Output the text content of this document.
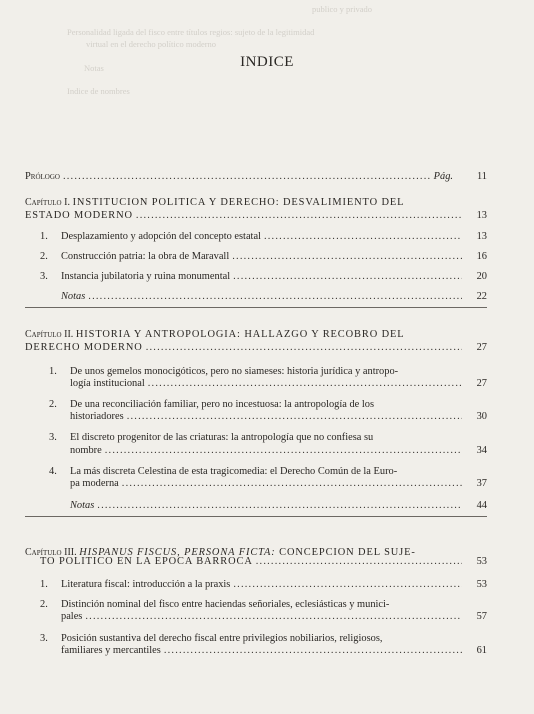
publico y privado
Personalidad ligada del fisco entre títulos regios: sujeto de la legitimidad
virtual en el derecho político moderno
Notas
Indice de nombres
INDICE
Prólogo .....	Pág.	11
Capítulo I. INSTITUCION POLITICA Y DERECHO: DESVALIMIENTO DEL
ESTADO MODERNO .....	13
1. Desplazamiento y adopción del concepto estatal .....	13
2. Construcción patria: la obra de Maravall .....	16
3. Instancia jubilatoria y ruina monumental .....	20
Notas .....	22
Capítulo II. HISTORIA Y ANTROPOLOGIA: HALLAZGO Y RECOBRO DEL
DERECHO MODERNO .....	27
1. De unos gemelos monocigóticos, pero no siameses: historia jurídica y antropo-
logía institucional .....	27
2. De una reconciliación familiar, pero no incestuosa: la antropología de los
historiadores .....	30
3. El discreto progenitor de las criaturas: la antropología que no confiesa su
nombre .....	34
4. La más discreta Celestina de esta tragicomedia: el Derecho Común de la Euro-
pa moderna .....	37
Notas .....	44
Capítulo III. HISPANUS FISCUS, PERSONA FICTA: CONCEPCION DEL SUJE-
TO POLITICO EN LA EPOCA BARROCA .....	53
1. Literatura fiscal: introducción a la praxis .....	53
2. Distinción nominal del fisco entre haciendas señoriales, eclesiásticas y munici-
pales .....	57
3. Posición sustantiva del derecho fiscal entre privilegios nobiliarios, religiosos,
familiares y mercantiles .....	61
